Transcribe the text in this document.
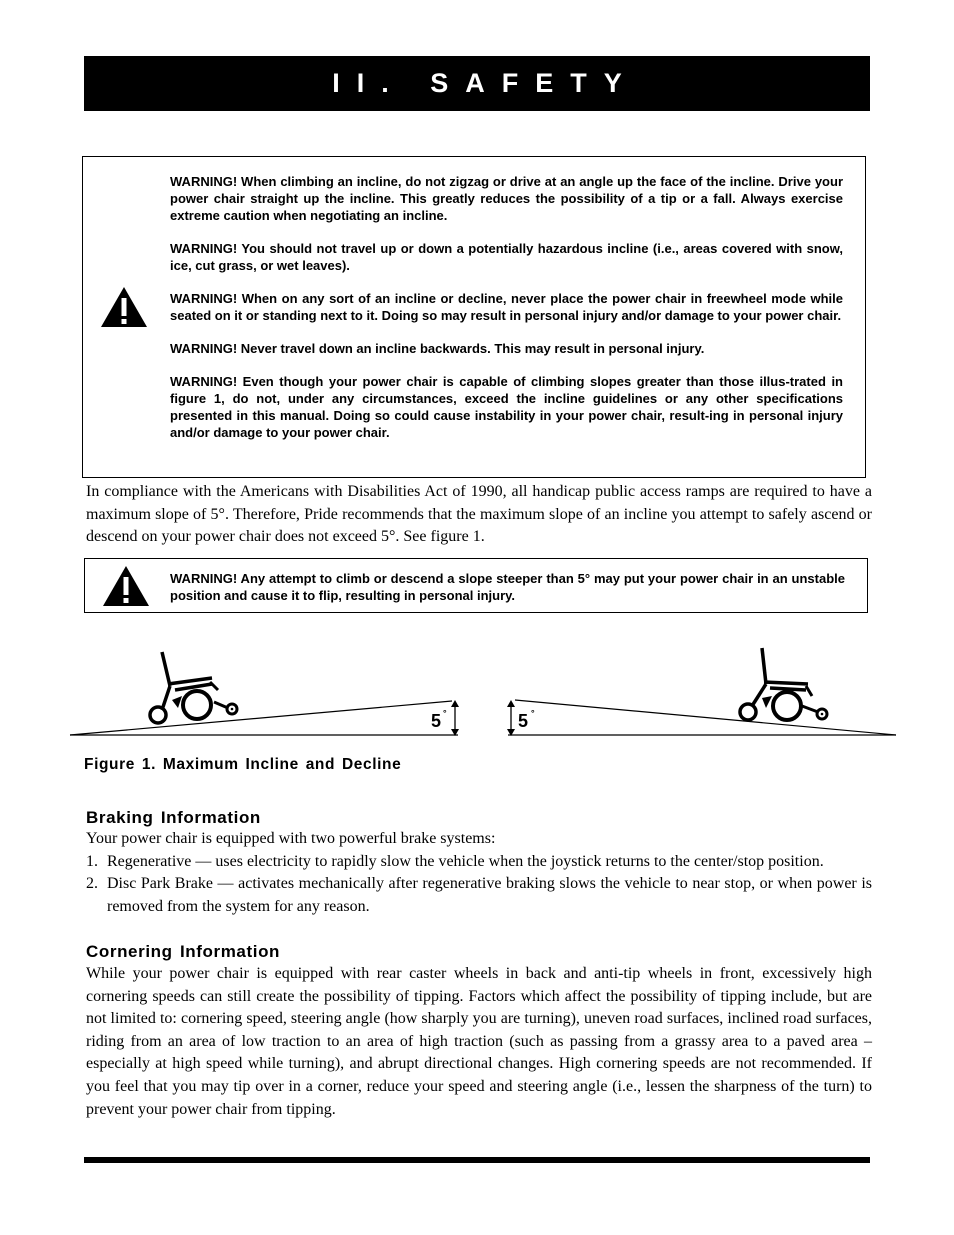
II. SAFETY

WARNING! When climbing an incline, do not zigzag or drive at an angle up the face of the incline. Drive your power chair straight up the incline. This greatly reduces the possibility of a tip or a fall. Always exercise extreme caution when negotiating an incline.

WARNING! You should not travel up or down a potentially hazardous incline (i.e., areas covered with snow, ice, cut grass, or wet leaves).

WARNING! When on any sort of an incline or decline, never place the power chair in freewheel mode while seated on it or standing next to it. Doing so may result in personal injury and/or damage to your power chair.

WARNING! Never travel down an incline backwards. This may result in personal injury.

WARNING! Even though your power chair is capable of climbing slopes greater than those illus-trated in figure 1, do not, under any circumstances, exceed the incline guidelines or any other specifications presented in this manual. Doing so could cause instability in your power chair, result-ing in personal injury and/or damage to your power chair.

In compliance with the Americans with Disabilities Act of 1990, all handicap public access ramps are required to have a maximum slope of 5°. Therefore, Pride recommends that the maximum slope of an incline you attempt to safely ascend or descend on your power chair does not exceed 5°. See figure 1.

WARNING! Any attempt to climb or descend a slope steeper than 5° may put your power chair in an unstable position and cause it to flip, resulting in personal injury.

5 °	5 °
Figure 1. Maximum Incline and Decline
Braking Information

Your power chair is equipped with two powerful brake systems:

1. Regenerative — uses electricity to rapidly slow the vehicle when the joystick returns to the center/stop position.
2. Disc Park Brake — activates mechanically after regenerative braking slows the vehicle to near stop, or when power is removed from the system for any reason.
Cornering Information

While your power chair is equipped with rear caster wheels in back and anti-tip wheels in front, excessively high cornering speeds can still create the possibility of tipping. Factors which affect the possibility of tipping include, but are not limited to: cornering speed, steering angle (how sharply you are turning), uneven road surfaces, inclined road surfaces, riding from an area of low traction to an area of high traction (such as passing from a grassy area to a paved area – especially at high speed while turning), and abrupt directional changes. High cornering speeds are not recommended. If you feel that you may tip over in a corner, reduce your speed and steering angle (i.e., lessen the sharpness of the turn) to prevent your power chair from tipping.
